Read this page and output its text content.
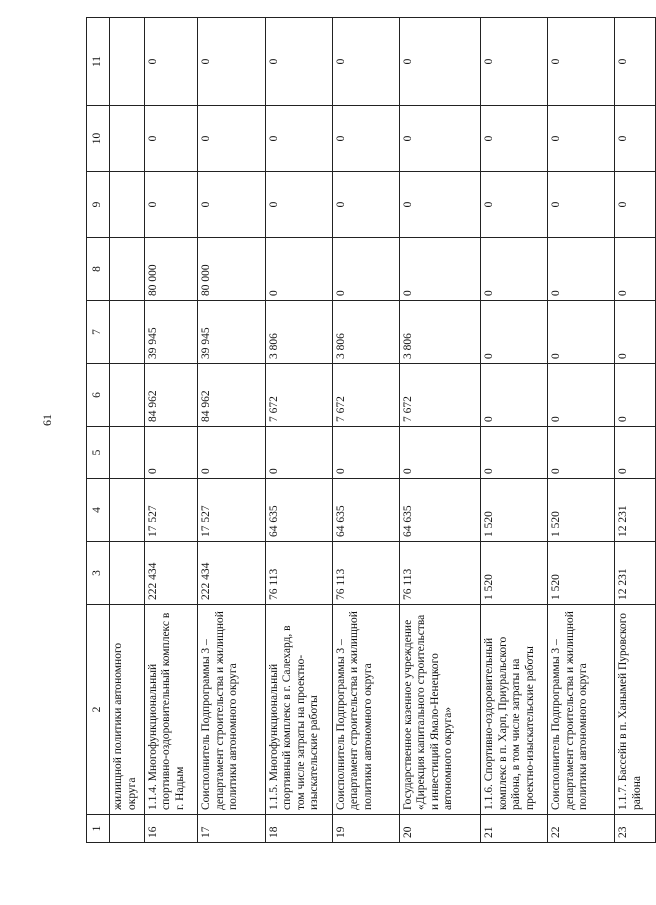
61
1	2	3	4	5	6	7	8	9	10	11
	жилищной политики автономного округа									
16	1.1.4. Многофункциональный спортивно-оздоровительный комплекс в г. Надым	222 434	17 527	0	84 962	39 945	80 000	0	0	0
17	Соисполнитель Подпрограммы 3 – департамент строительства и жилищной политики автономного округа	222 434	17 527	0	84 962	39 945	80 000	0	0	0
18	1.1.5. Многофункциональный спортивный комплекс в г. Салехард, в том числе затраты на проектно-изыскательские работы	76 113	64 635	0	7 672	3 806	0	0	0	0
19	Соисполнитель Подпрограммы 3 – департамент строительства и жилищной политики автономного округа	76 113	64 635	0	7 672	3 806	0	0	0	0
20	Государственное казенное учреждение «Дирекция капитального строительства и инвестиций Ямало-Ненецкого автономного округа»	76 113	64 635	0	7 672	3 806	0	0	0	0
21	1.1.6. Спортивно-оздоровительный комплекс в п. Харп, Приуральского района, в том числе затраты на проектно-изыскательские работы	1 520	1 520	0	0	0	0	0	0	0
22	Соисполнитель Подпрограммы 3 – департамент строительства и жилищной политики автономного округа	1 520	1 520	0	0	0	0	0	0	0
23	1.1.7. Бассейн в п. Ханымей Пуровского района	12 231	12 231	0	0	0	0	0	0	0
